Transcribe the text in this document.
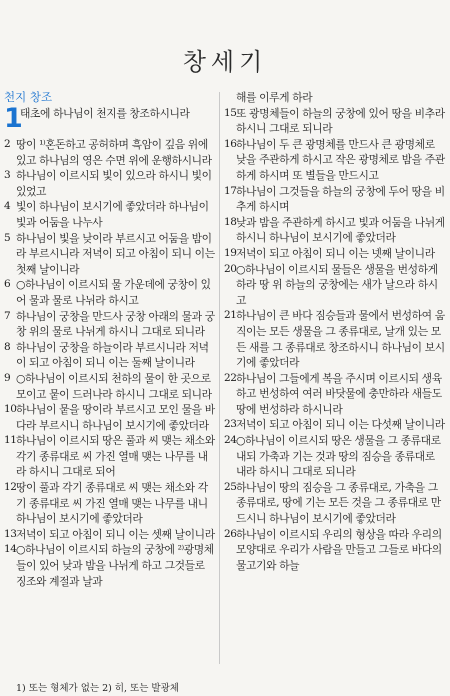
창세기
천지 창조
1
태초에 하나님이 천지를 창조하시니라
2 땅이 ¹⁾혼돈하고 공허하며 흑암이 깊음 위에 있고 하나님의 영은 수면 위에 운행하시니라
3 하나님이 이르시되 빛이 있으라 하시니 빛이 있었고
4 빛이 하나님이 보시기에 좋았더라 하나님이 빛과 어둠을 나누사
5 하나님이 빛을 낮이라 부르시고 어둠을 밤이라 부르시니라 저녁이 되고 아침이 되니 이는 첫째 날이니라
6 ○하나님이 이르시되 물 가운데에 궁창이 있어 물과 물로 나뉘라 하시고
7 하나님이 궁창을 만드사 궁창 아래의 물과 궁창 위의 물로 나뉘게 하시니 그대로 되니라
8 하나님이 궁창을 하늘이라 부르시니라 저녁이 되고 아침이 되니 이는 둘째 날이니라
9 ○하나님이 이르시되 천하의 물이 한 곳으로 모이고 뭍이 드러나라 하시니 그대로 되니라
10 하나님이 뭍을 땅이라 부르시고 모인 물을 바다라 부르시니 하나님이 보시기에 좋았더라
11 하나님이 이르시되 땅은 풀과 씨 맺는 채소와 각기 종류대로 씨 가진 열매 맺는 나무를 내라 하시니 그대로 되어
12 땅이 풀과 각기 종류대로 씨 맺는 채소와 각기 종류대로 씨 가진 열매 맺는 나무를 내니 하나님이 보시기에 좋았더라
13 저녁이 되고 아침이 되니 이는 셋째 날이니라
14 ○하나님이 이르시되 하늘의 궁창에 ²⁾광명체들이 있어 낮과 밤을 나뉘게 하고 그것들로 징조와 계절과 날과
해를 이루게 하라
15 또 광명체들이 하늘의 궁창에 있어 땅을 비추라 하시니 그대로 되니라
16 하나님이 두 큰 광명체를 만드사 큰 광명체로 낮을 주관하게 하시고 작은 광명체로 밤을 주관하게 하시며 또 별들을 만드시고
17 하나님이 그것들을 하늘의 궁창에 두어 땅을 비추게 하시며
18 낮과 밤을 주관하게 하시고 빛과 어둠을 나뉘게 하시니 하나님이 보시기에 좋았더라
19 저녁이 되고 아침이 되니 이는 넷째 날이니라
20 ○하나님이 이르시되 물들은 생물을 번성하게 하라 땅 위 하늘의 궁창에는 새가 날으라 하시고
21 하나님이 큰 바다 짐승들과 물에서 번성하여 움직이는 모든 생물을 그 종류대로, 날개 있는 모든 새를 그 종류대로 창조하시니 하나님이 보시기에 좋았더라
22 하나님이 그들에게 복을 주시며 이르시되 생육하고 번성하여 여러 바닷물에 충만하라 새들도 땅에 번성하라 하시니라
23 저녁이 되고 아침이 되니 이는 다섯째 날이니라
24 ○하나님이 이르시되 땅은 생물을 그 종류대로 내되 가축과 기는 것과 땅의 짐승을 종류대로 내라 하시니 그대로 되니라
25 하나님이 땅의 짐승을 그 종류대로, 가축을 그 종류대로, 땅에 기는 모든 것을 그 종류대로 만드시니 하나님이 보시기에 좋았더라
26 하나님이 이르시되 우리의 형상을 따라 우리의 모양대로 우리가 사람을 만들고 그들로 바다의 물고기와 하늘
1) 또는 형체가 없는 2) 히, 또는 발광체
